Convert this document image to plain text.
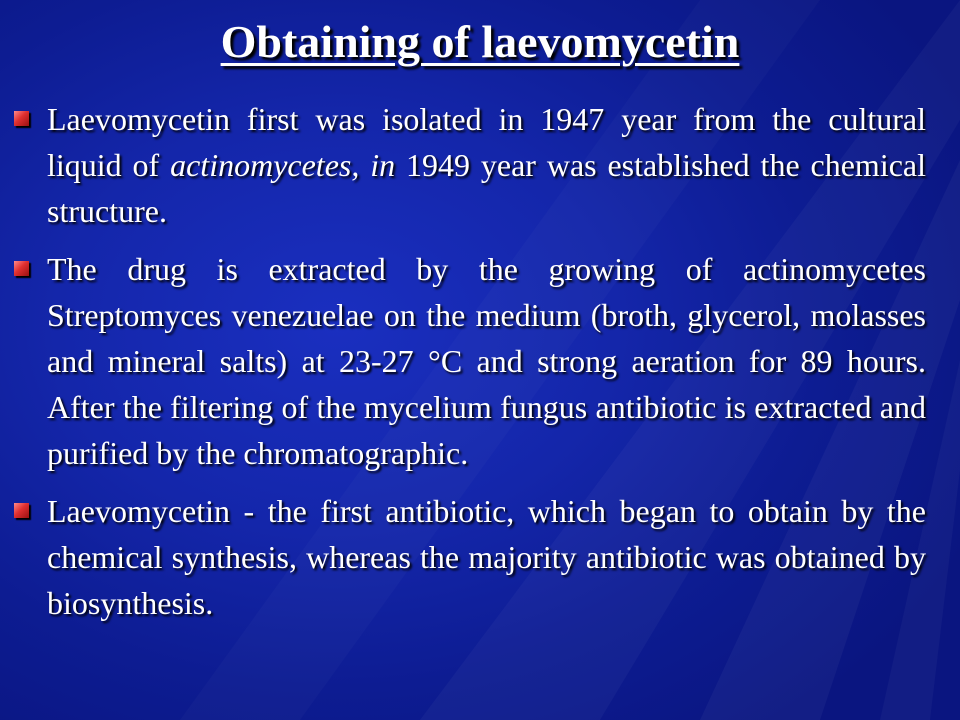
Obtaining of laevomycetin
Laevomycetin first was isolated in 1947 year from the cultural liquid of actinomycetes, in 1949 year was established the chemical structure.
The drug is extracted by the growing of actinomycetes Streptomyces venezuelae on the medium (broth, glycerol, molasses and mineral salts) at 23-27 °C and strong aeration for 89 hours. After the filtering of the mycelium fungus antibiotic is extracted and purified by the chromatographic.
Laevomycetin - the first antibiotic, which began to obtain by the chemical synthesis, whereas the majority antibiotic was obtained by biosynthesis.
